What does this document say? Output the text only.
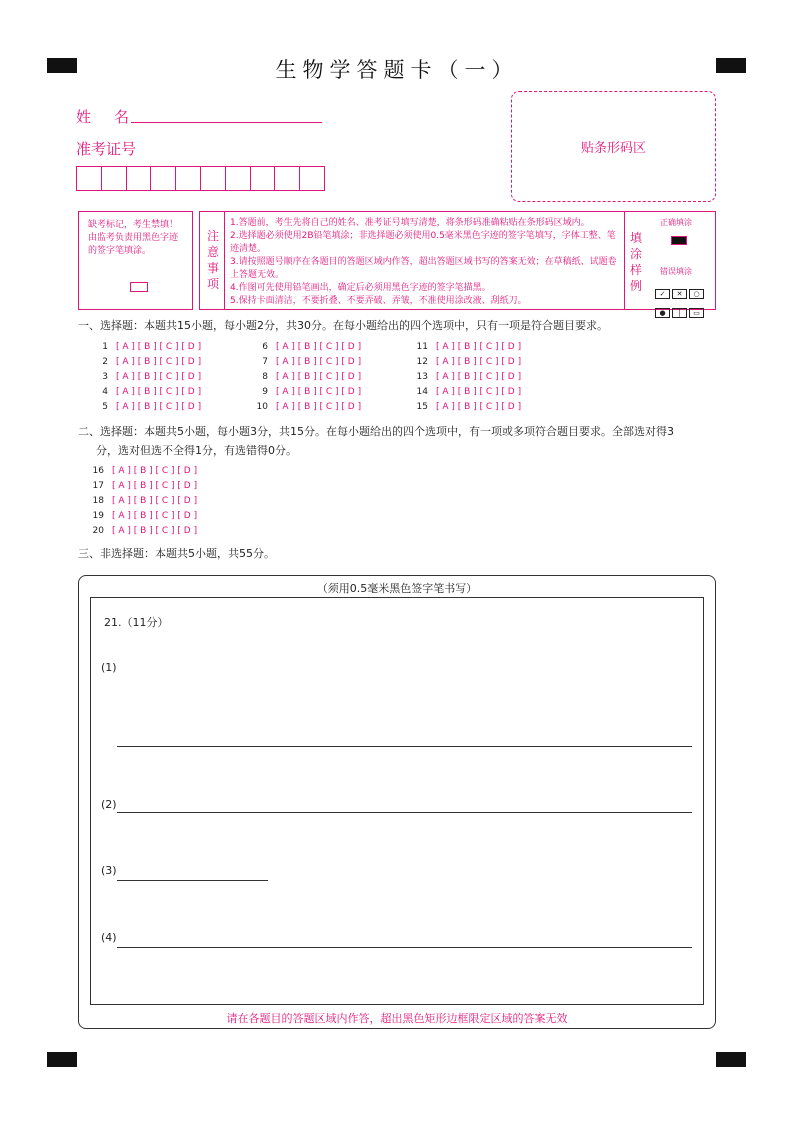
生物学答题卡（一）
姓　名
准考证号	贴条形码区
缺考标记，考生禁填！由监考负责用黑色字迹的签字笔填涂。
注意事项
1.答题前，考生先将自己的姓名、准考证号填写清楚，将条形码准确粘贴在条形码区域内。
2.选择题必须使用2B铅笔填涂；非选择题必须使用0.5毫米黑色字迹的签字笔填写，字体工整、笔迹清楚。
3.请按照题号顺序在各题目的答题区域内作答，超出答题区域书写的答案无效；在草稿纸、试题卷上答题无效。
4.作图可先使用铅笔画出，确定后必须用黑色字迹的签字笔描黑。
5.保持卡面清洁，不要折叠、不要弄破、弄皱，不准使用涂改液、刮纸刀。
填涂样例
正确填涂
错误填涂
✓ ✕ ○ ● │ ▭
一、选择题：本题共15小题，每小题2分，共30分。在每小题给出的四个选项中，只有一项是符合题目要求。
1 [ A ] [ B ] [ C ] [ D ]
2 [ A ] [ B ] [ C ] [ D ]
3 [ A ] [ B ] [ C ] [ D ]
4 [ A ] [ B ] [ C ] [ D ]
5 [ A ] [ B ] [ C ] [ D ]
6 [ A ] [ B ] [ C ] [ D ]
7 [ A ] [ B ] [ C ] [ D ]
8 [ A ] [ B ] [ C ] [ D ]
9 [ A ] [ B ] [ C ] [ D ]
10 [ A ] [ B ] [ C ] [ D ]
11 [ A ] [ B ] [ C ] [ D ]
12 [ A ] [ B ] [ C ] [ D ]
13 [ A ] [ B ] [ C ] [ D ]
14 [ A ] [ B ] [ C ] [ D ]
15 [ A ] [ B ] [ C ] [ D ]
二、选择题：本题共5小题，每小题3分，共15分。在每小题给出的四个选项中，有一项或多项符合题目要求。全部选对得3
分，选对但选不全得1分，有选错得0分。
16 [ A ] [ B ] [ C ] [ D ]
17 [ A ] [ B ] [ C ] [ D ]
18 [ A ] [ B ] [ C ] [ D ]
19 [ A ] [ B ] [ C ] [ D ]
20 [ A ] [ B ] [ C ] [ D ]
三、非选择题：本题共5小题，共55分。
（须用0.5毫米黑色签字笔书写）
21.（11分）
(1)
(2)
(3)
(4)
请在各题目的答题区域内作答，超出黑色矩形边框限定区域的答案无效
